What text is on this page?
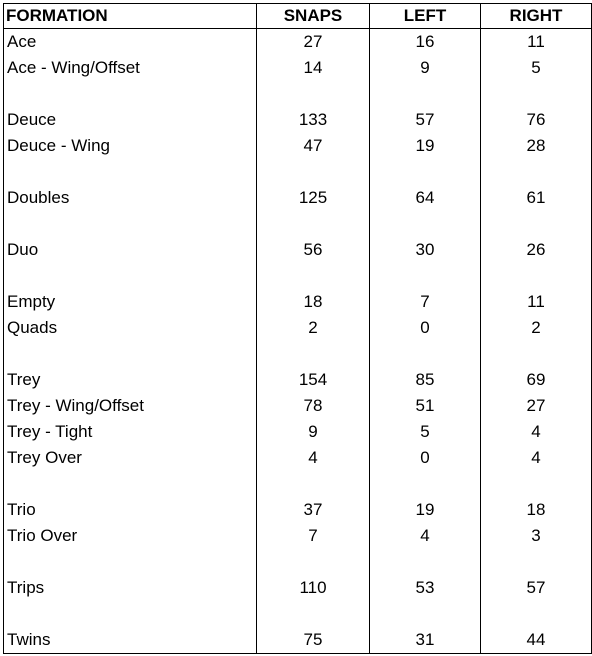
FORMATION	SNAPS	LEFT	RIGHT
Ace	27	16	11
Ace - Wing/Offset	14	9	5

Deuce	133	57	76
Deuce - Wing	47	19	28

Doubles	125	64	61

Duo	56	30	26

Empty	18	7	11
Quads	2	0	2

Trey	154	85	69
Trey - Wing/Offset	78	51	27
Trey - Tight	9	5	4
Trey Over	4	0	4

Trio	37	19	18
Trio Over	7	4	3

Trips	110	53	57

Twins	75	31	44
